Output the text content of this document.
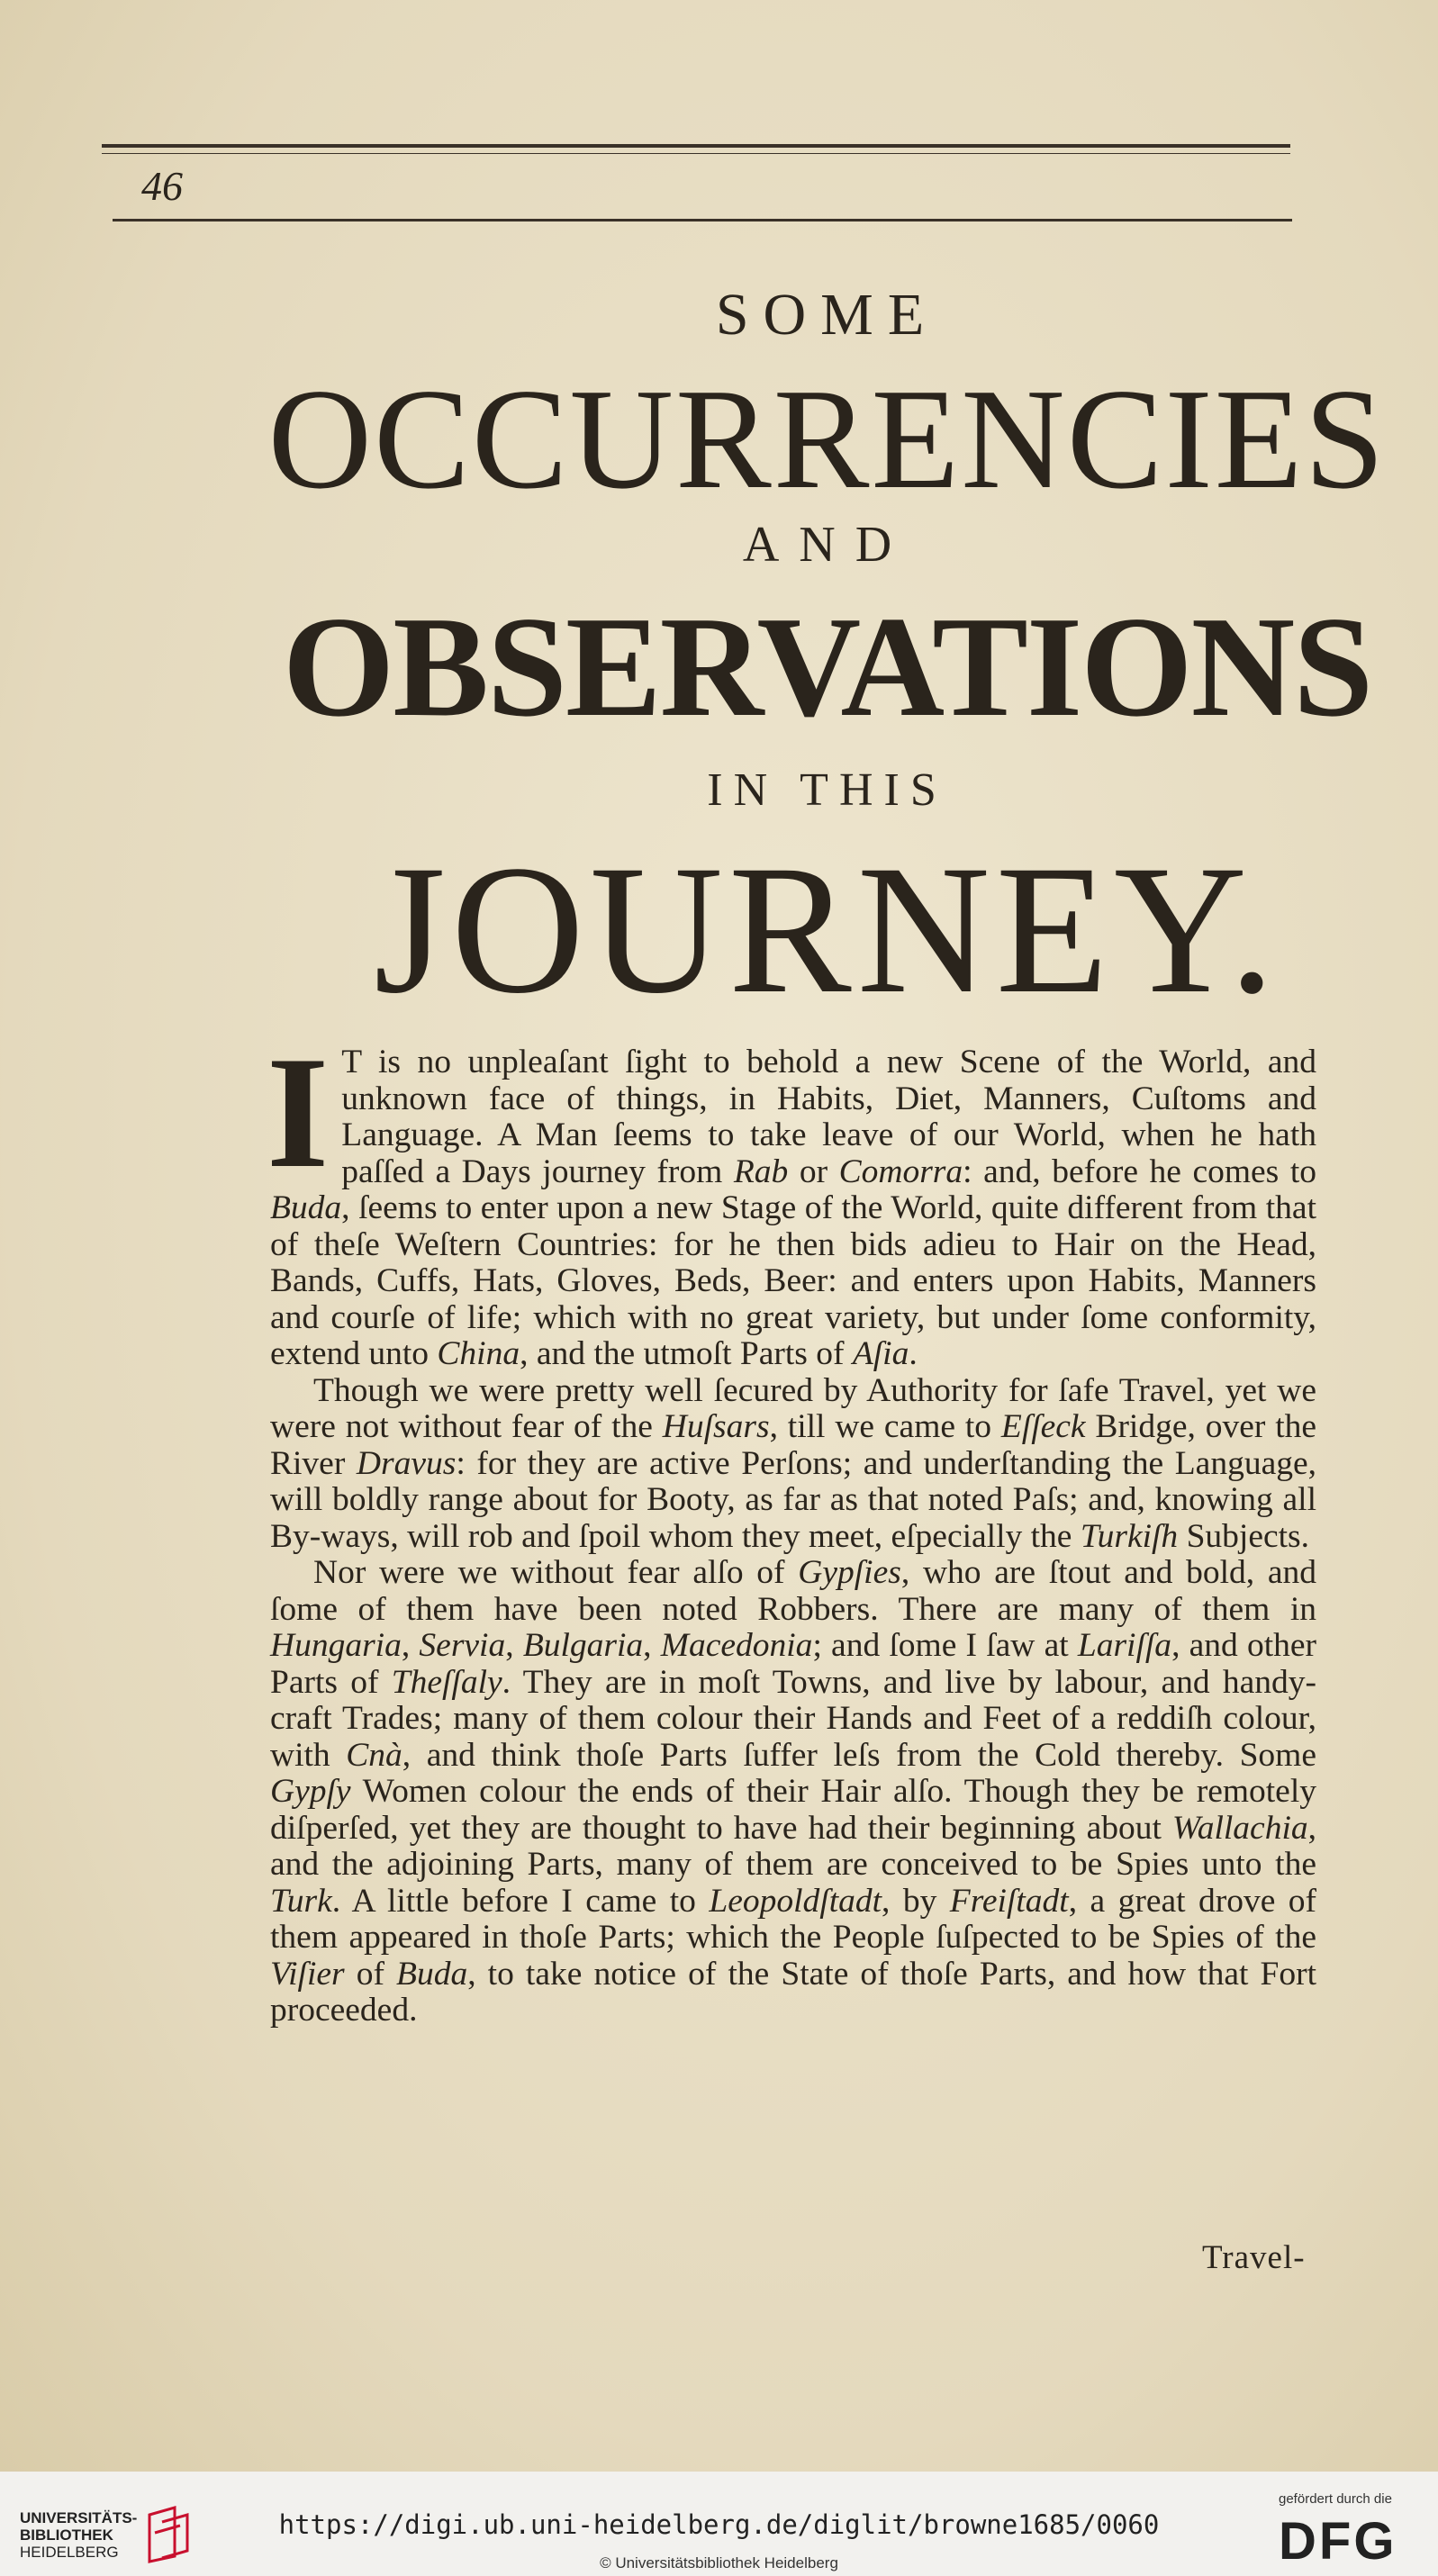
46
SOME
OCCURRENCIES
AND
OBSERVATIONS
IN THIS
JOURNEY.

I T is no unpleaſant ſight to behold a new Scene of the World, and unknown face of things, in Habits, Diet, Manners, Cuſtoms and Language. A Man ſeems to take leave of our World, when he hath paſſed a Days journey from Rab or Comorra: and, before he comes to Buda, ſeems to enter upon a new Stage of the World, quite different from that of theſe Weſtern Countries: for he then bids adieu to Hair on the Head, Bands, Cuffs, Hats, Gloves, Beds, Beer: and enters upon Habits, Manners and courſe of life; which with no great variety, but under ſome conformity, extend unto China, and the utmoſt Parts of Aſia.

Though we were pretty well ſecured by Authority for ſafe Travel, yet we were not without fear of the Huſsars, till we came to Eſſeck Bridge, over the River Dravus: for they are active Perſons; and underſtanding the Language, will boldly range about for Booty, as far as that noted Paſs; and, knowing all By-ways, will rob and ſpoil whom they meet, eſpecially the Turkiſh Subjects.

Nor were we without fear alſo of Gypſies, who are ſtout and bold, and ſome of them have been noted Robbers. There are many of them in Hungaria, Servia, Bulgaria, Macedonia; and ſome I ſaw at Lariſſa, and other Parts of Theſſaly. They are in moſt Towns, and live by labour, and handy-craft Trades; many of them colour their Hands and Feet of a reddiſh colour, with Cnà, and think thoſe Parts ſuffer leſs from the Cold thereby. Some Gypſy Women colour the ends of their Hair alſo. Though they be remotely diſperſed, yet they are thought to have had their beginning about Wallachia, and the adjoining Parts, many of them are conceived to be Spies unto the Turk. A little before I came to Leopoldſtadt, by Freiſtadt, a great drove of them appeared in thoſe Parts; which the People ſuſpected to be Spies of the Viſier of Buda, to take notice of the State of thoſe Parts, and how that Fort proceeded.

Travel-
UNIVERSITÄTS-
BIBLIOTHEK
HEIDELBERG
https://digi.ub.uni-heidelberg.de/diglit/browne1685/0060
© Universitätsbibliothek Heidelberg
gefördert durch die
DFG
